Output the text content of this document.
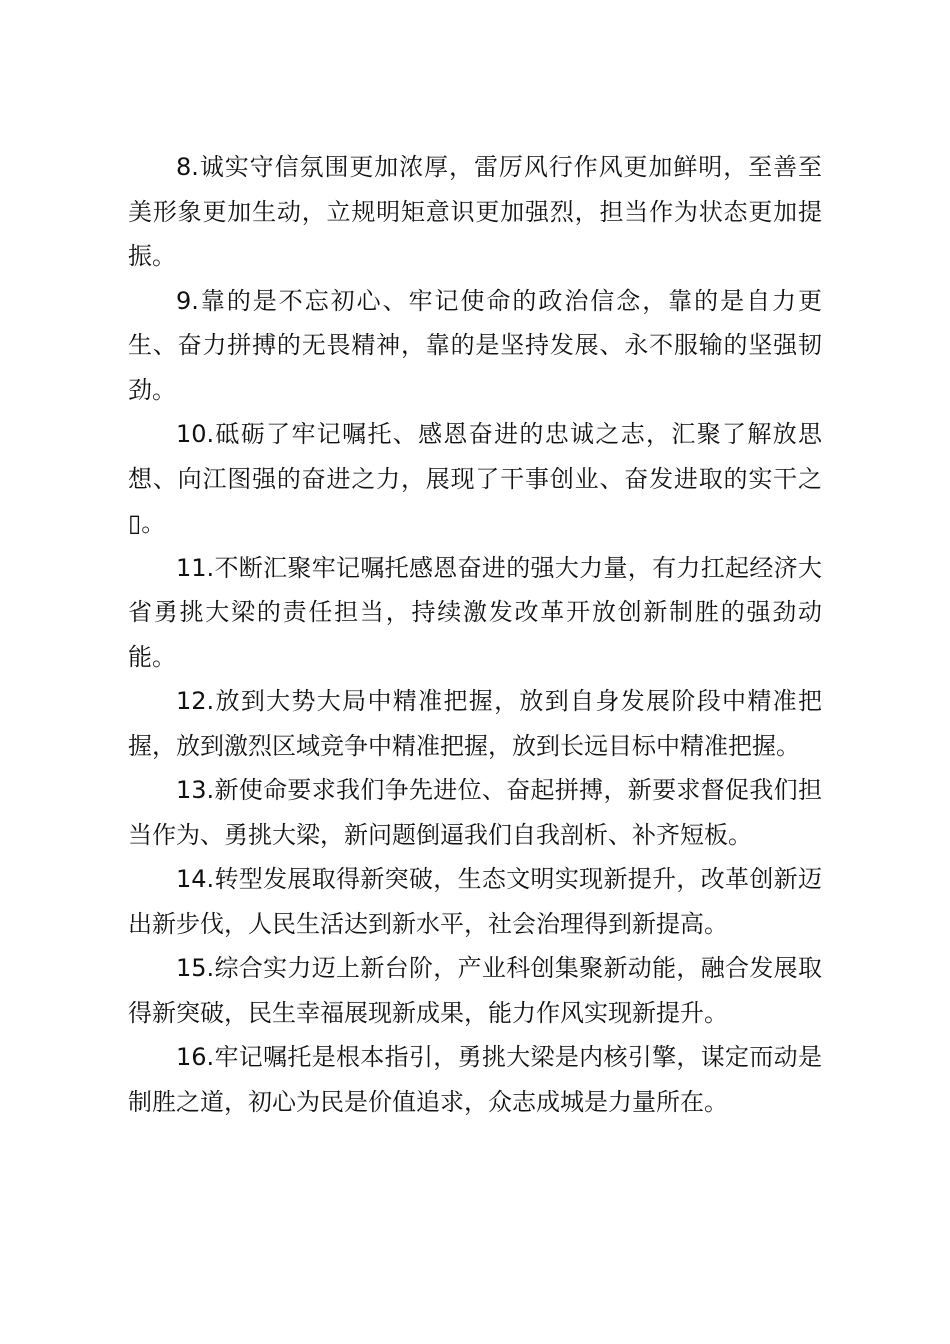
8.诚实守信氛围更加浓厚，雷厉风行作风更加鲜明，至善至美形象更加生动，立规明矩意识更加强烈，担当作为状态更加提振。

9.靠的是不忘初心、牢记使命的政治信念，靠的是自力更生、奋力拼搏的无畏精神，靠的是坚持发展、永不服输的坚强韧劲。

10.砥砺了牢记嘱托、感恩奋进的忠诚之志，汇聚了解放思想、向江图强的奋进之力，展现了干事创业、奋发进取的实干之▯。

11.不断汇聚牢记嘱托感恩奋进的强大力量，有力扛起经济大省勇挑大梁的责任担当，持续激发改革开放创新制胜的强劲动能。

12.放到大势大局中精准把握，放到自身发展阶段中精准把握，放到激烈区域竞争中精准把握，放到长远目标中精准把握。

13.新使命要求我们争先进位、奋起拼搏，新要求督促我们担当作为、勇挑大梁，新问题倒逼我们自我剖析、补齐短板。

14.转型发展取得新突破，生态文明实现新提升，改革创新迈出新步伐，人民生活达到新水平，社会治理得到新提高。

15.综合实力迈上新台阶，产业科创集聚新动能，融合发展取得新突破，民生幸福展现新成果，能力作风实现新提升。

16.牢记嘱托是根本指引，勇挑大梁是内核引擎，谋定而动是制胜之道，初心为民是价值追求，众志成城是力量所在。
